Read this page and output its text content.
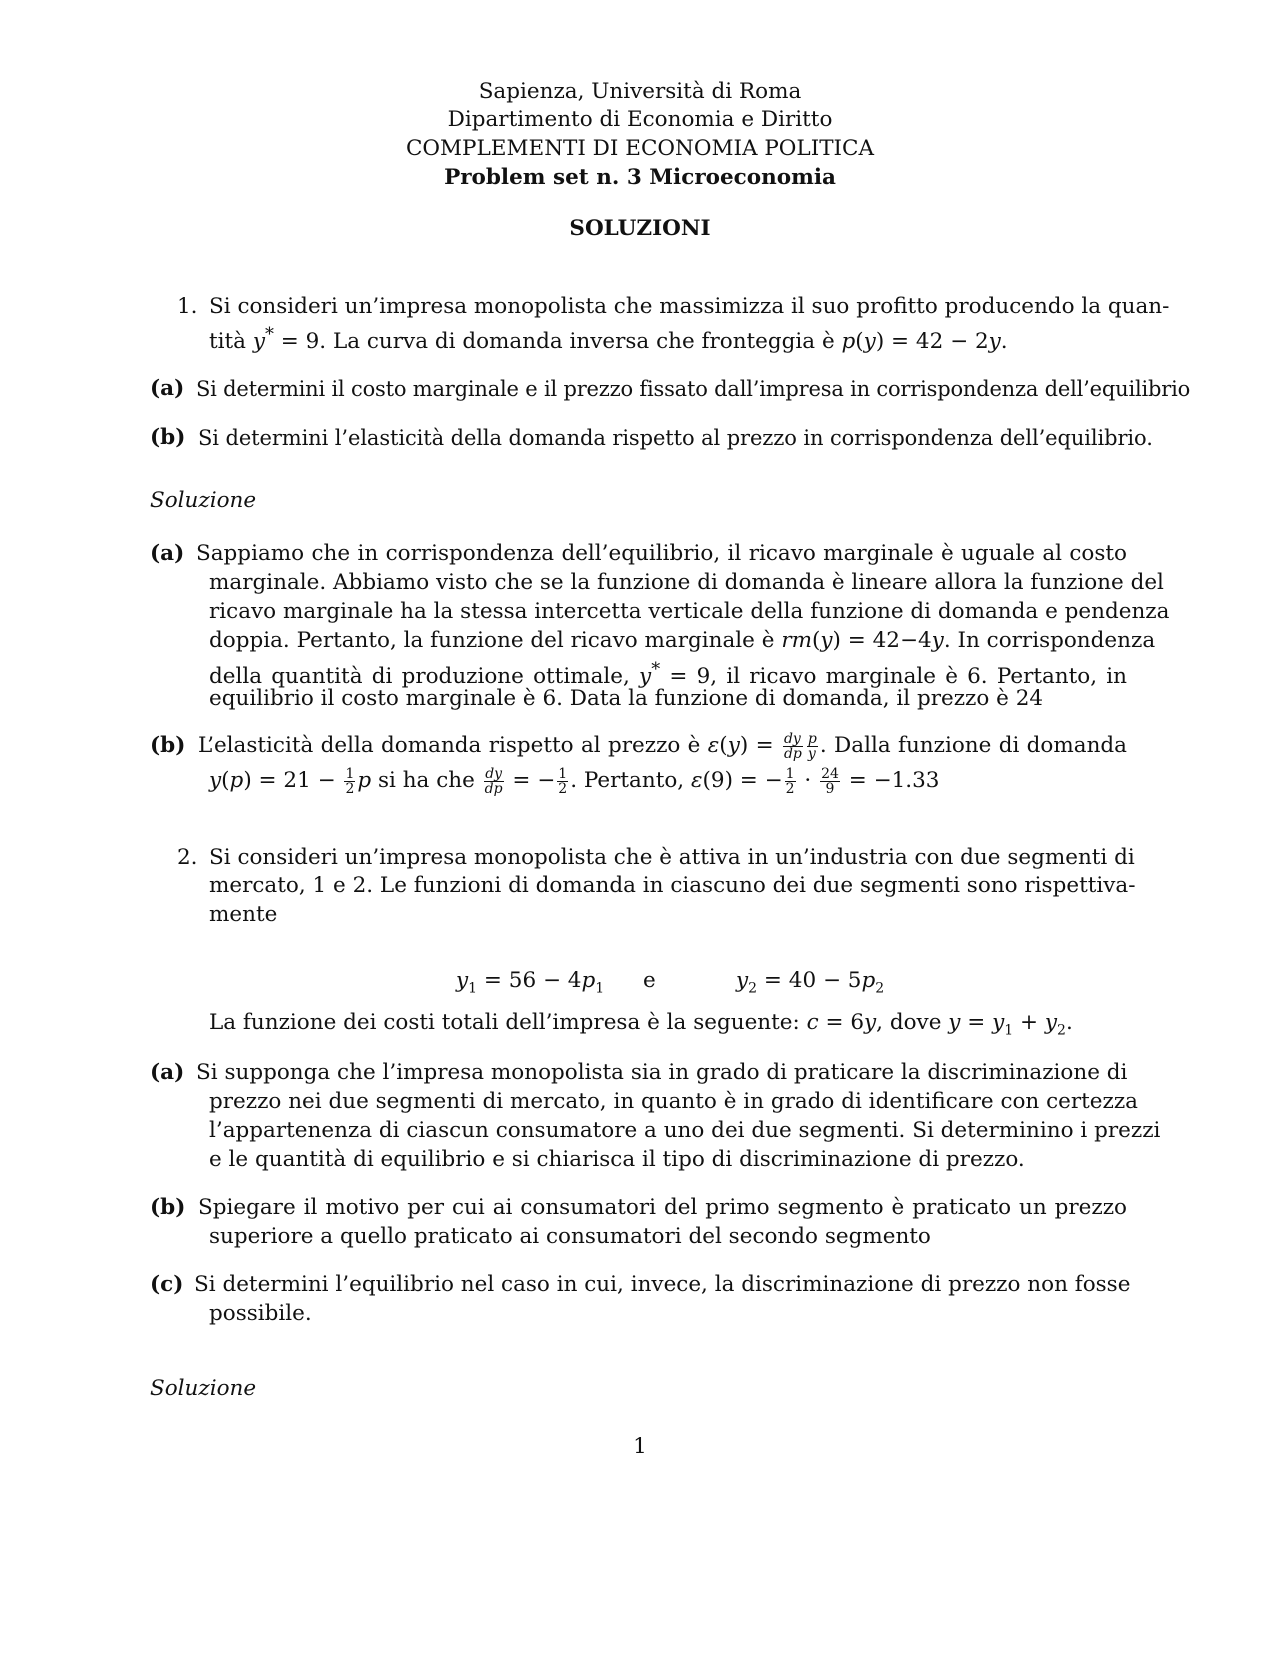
Sapienza, Università di Roma
Dipartimento di Economia e Diritto
COMPLEMENTI DI ECONOMIA POLITICA
Problem set n. 3 Microeconomia
SOLUZIONI
1. Si consideri un’impresa monopolista che massimizza il suo profitto producendo la quan-
tità y* = 9. La curva di domanda inversa che fronteggia è p(y) = 42 − 2y.
(a) Si determini il costo marginale e il prezzo fissato dall’impresa in corrispondenza dell’equilibrio
(b) Si determini l’elasticità della domanda rispetto al prezzo in corrispondenza dell’equilibrio.
Soluzione
(a) Sappiamo che in corrispondenza dell’equilibrio, il ricavo marginale è uguale al costo
marginale. Abbiamo visto che se la funzione di domanda è lineare allora la funzione del
ricavo marginale ha la stessa intercetta verticale della funzione di domanda e pendenza
doppia. Pertanto, la funzione del ricavo marginale è rm(y) = 42−4y. In corrispondenza
della quantità di produzione ottimale, y* = 9, il ricavo marginale è 6. Pertanto, in
equilibrio il costo marginale è 6. Data la funzione di domanda, il prezzo è 24
(b) L’elasticità della domanda rispetto al prezzo è $\varepsilon(y) = \frac{dy}{dp} \frac{p}{y}$ . Dalla funzione di domanda
$y(p) = 21 - \frac{1}{2}$ p si ha che $\frac{dy}{dp}$ = − $\frac{1}{2}$ . Pertanto, ε(9) = − $\frac{1}{2} \cdot \frac{24}{9} = -1.33$
2. Si consideri un’impresa monopolista che è attiva in un’industria con due segmenti di
mercato, 1 e 2. Le funzioni di domanda in ciascuno dei due segmenti sono rispettiva-
mente
$y_1 = 56 - 4p_1$ e	$y_2 = 40 - 5p_2$
La funzione dei costi totali dell’impresa è la seguente: c = 6y, dove $y = y_1 + y_2$.
(a) Si supponga che l’impresa monopolista sia in grado di praticare la discriminazione di
prezzo nei due segmenti di mercato, in quanto è in grado di identificare con certezza
l’appartenenza di ciascun consumatore a uno dei due segmenti. Si determinino i prezzi
e le quantità di equilibrio e si chiarisca il tipo di discriminazione di prezzo.
(b) Spiegare il motivo per cui ai consumatori del primo segmento è praticato un prezzo
superiore a quello praticato ai consumatori del secondo segmento
(c) Si determini l’equilibrio nel caso in cui, invece, la discriminazione di prezzo non fosse
possibile.
Soluzione
1
